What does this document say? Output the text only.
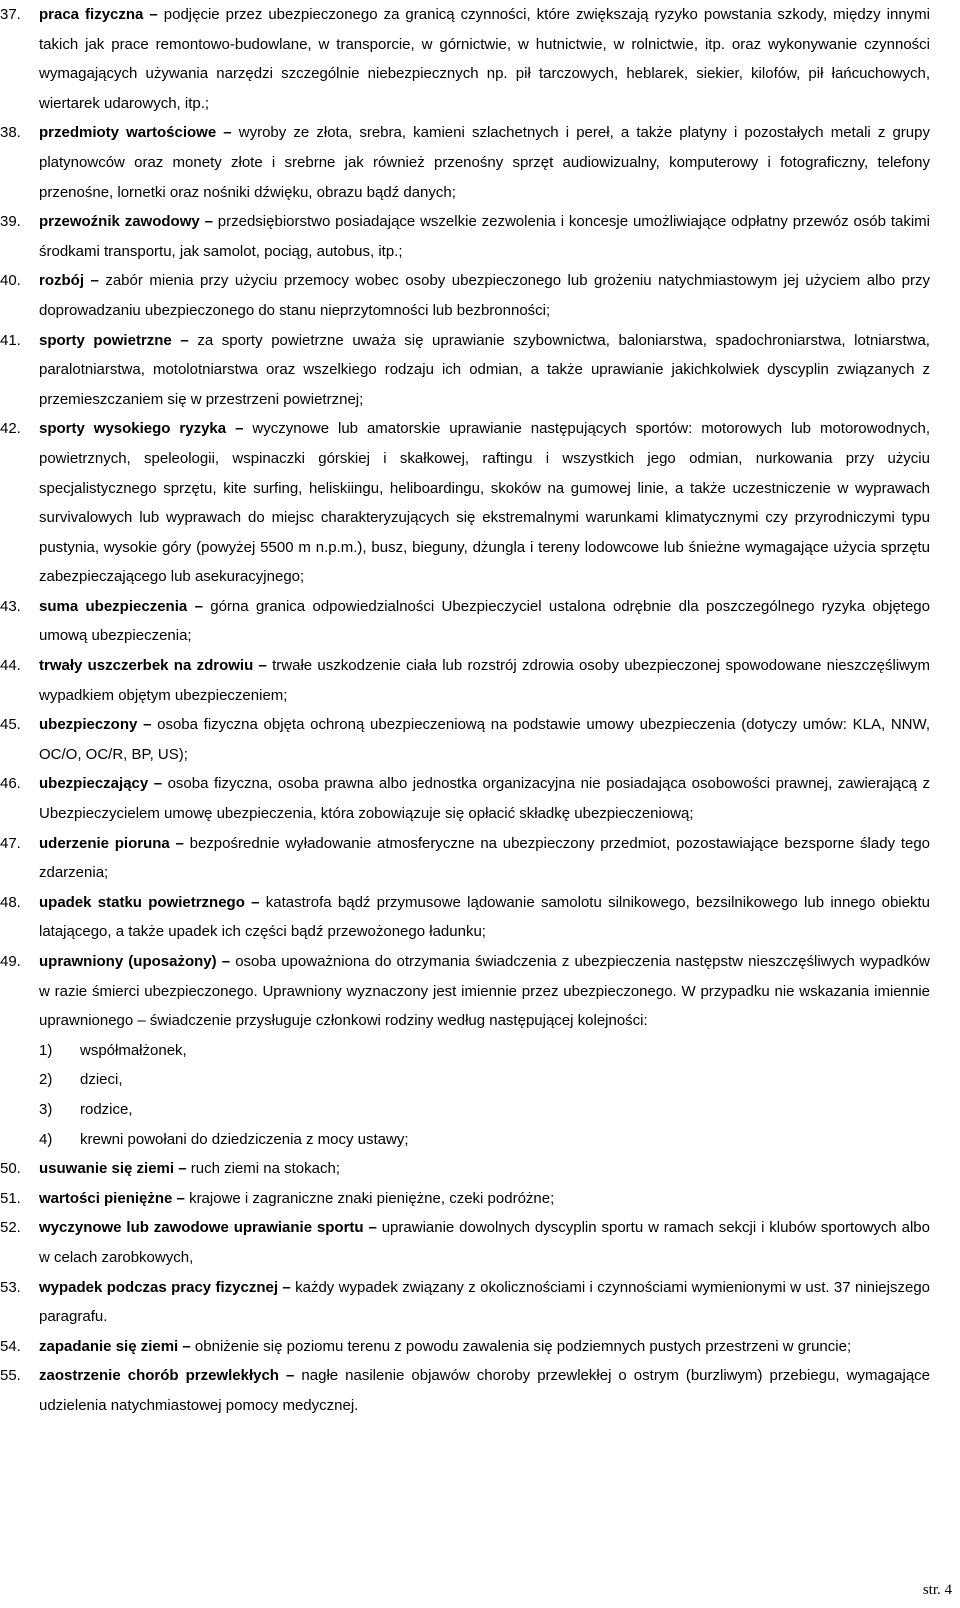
37. praca fizyczna – podjęcie przez ubezpieczonego za granicą czynności, które zwiększają ryzyko powstania szkody, między innymi takich jak prace remontowo-budowlane, w transporcie, w górnictwie, w hutnictwie, w rolnictwie, itp. oraz wykonywanie czynności wymagających używania narzędzi szczególnie niebezpiecznych np. pił tarczowych, heblarek, siekier, kilofów, pił łańcuchowych, wiertarek udarowych, itp.;
38. przedmioty wartościowe – wyroby ze złota, srebra, kamieni szlachetnych i pereł, a także platyny i pozostałych metali z grupy platynowców oraz monety złote i srebrne jak również przenośny sprzęt audiowizualny, komputerowy i fotograficzny, telefony przenośne, lornetki oraz nośniki dźwięku, obrazu bądź danych;
39. przewoźnik zawodowy – przedsiębiorstwo posiadające wszelkie zezwolenia i koncesje umożliwiające odpłatny przewóz osób takimi środkami transportu, jak samolot, pociąg, autobus, itp.;
40. rozbój – zabór mienia przy użyciu przemocy wobec osoby ubezpieczonego lub grożeniu natychmiastowym jej użyciem albo przy doprowadzaniu ubezpieczonego do stanu nieprzytomności lub bezbronności;
41. sporty powietrzne – za sporty powietrzne uważa się uprawianie szybownictwa, baloniarstwa, spadochroniarstwa, lotniarstwa, paralotniarstwa, motolotniarstwa oraz wszelkiego rodzaju ich odmian, a także uprawianie jakichkolwiek dyscyplin związanych z przemieszczaniem się w przestrzeni powietrznej;
42. sporty wysokiego ryzyka – wyczynowe lub amatorskie uprawianie następujących sportów: motorowych lub motorowodnych, powietrznych, speleologii, wspinaczki górskiej i skałkowej, raftingu i wszystkich jego odmian, nurkowania przy użyciu specjalistycznego sprzętu, kite surfing, heliskiingu, heliboardingu, skoków na gumowej linie, a także uczestniczenie w wyprawach survivalowych lub wyprawach do miejsc charakteryzujących się ekstremalnymi warunkami klimatycznymi czy przyrodniczymi typu pustynia, wysokie góry (powyżej 5500 m n.p.m.), busz, bieguny, dżungla i tereny lodowcowe lub śnieżne wymagające użycia sprzętu zabezpieczającego lub asekuracyjnego;
43. suma ubezpieczenia – górna granica odpowiedzialności Ubezpieczyciel ustalona odrębnie dla poszczególnego ryzyka objętego umową ubezpieczenia;
44. trwały uszczerbek na zdrowiu – trwałe uszkodzenie ciała lub rozstrój zdrowia osoby ubezpieczonej spowodowane nieszczęśliwym wypadkiem objętym ubezpieczeniem;
45. ubezpieczony – osoba fizyczna objęta ochroną ubezpieczeniową na podstawie umowy ubezpieczenia (dotyczy umów: KLA, NNW, OC/O, OC/R, BP, US);
46. ubezpieczający – osoba fizyczna, osoba prawna albo jednostka organizacyjna nie posiadająca osobowości prawnej, zawierającą z Ubezpieczycielem umowę ubezpieczenia, która zobowiązuje się opłacić składkę ubezpieczeniową;
47. uderzenie pioruna – bezpośrednie wyładowanie atmosferyczne na ubezpieczony przedmiot, pozostawiające bezsporne ślady tego zdarzenia;
48. upadek statku powietrznego – katastrofa bądź przymusowe lądowanie samolotu silnikowego, bezsilnikowego lub innego obiektu latającego, a także upadek ich części bądź przewożonego ładunku;
49. uprawniony (uposażony) – osoba upoważniona do otrzymania świadczenia z ubezpieczenia następstw nieszczęśliwych wypadków w razie śmierci ubezpieczonego. Uprawniony wyznaczony jest imiennie przez ubezpieczonego. W przypadku nie wskazania imiennie uprawnionego – świadczenie przysługuje członkowi rodziny według następującej kolejności:
1) współmałżonek,

2) dzieci,

3) rodzice,

4) krewni powołani do dziedziczenia z mocy ustawy;

50. usuwanie się ziemi – ruch ziemi na stokach;
51. wartości pieniężne – krajowe i zagraniczne znaki pieniężne, czeki podróżne;
52. wyczynowe lub zawodowe uprawianie sportu – uprawianie dowolnych dyscyplin sportu w ramach sekcji i klubów sportowych albo w celach zarobkowych,
53. wypadek podczas pracy fizycznej – każdy wypadek związany z okolicznościami i czynnościami wymienionymi w ust. 37 niniejszego paragrafu.
54. zapadanie się ziemi – obniżenie się poziomu terenu z powodu zawalenia się podziemnych pustych przestrzeni w gruncie;
55. zaostrzenie chorób przewlekłych – nagłe nasilenie objawów choroby przewlekłej o ostrym (burzliwym) przebiegu, wymagające udzielenia natychmiastowej pomocy medycznej.
str. 4
